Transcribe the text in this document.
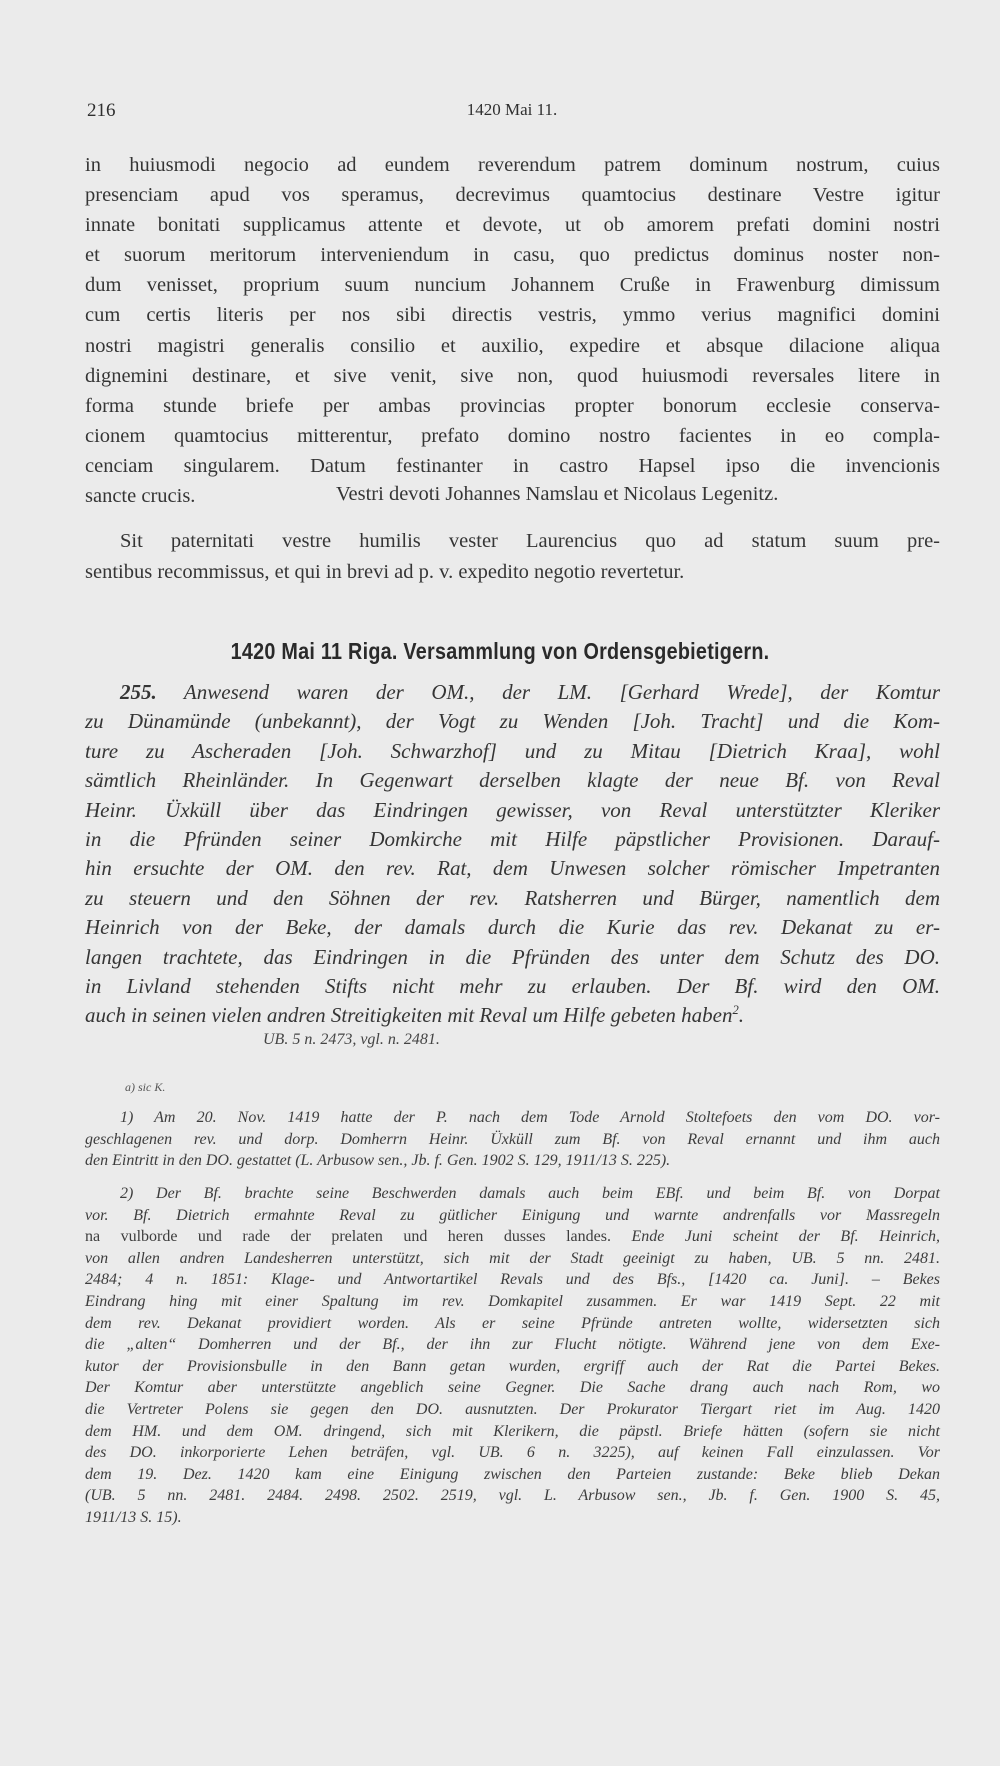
216	1420 Mai 11.
in huiusmodi negocio ad eundem reverendum patrem dominum nostrum, cuius
presenciam apud vos speramus, decrevimus quamtocius destinare Vestre igitur
innate bonitati supplicamus attente et devote, ut ob amorem prefati domini nostri
et suorum meritorum interveniendum in casu, quo predictus dominus noster non-
dum venisset, proprium suum nuncium Johannem Cruße in Frawenburg dimissum
cum certis literis per nos sibi directis vestris, ymmo verius magnifici domini
nostri magistri generalis consilio et auxilio, expedire et absque dilacione aliqua
dignemini destinare, et sive venit, sive non, quod huiusmodi reversales litere in
forma stunde briefe per ambas provincias propter bonorum ecclesie conserva-
cionem quamtocius mitterentur, prefato domino nostro facientes in eo compla-
cenciam singularem. Datum festinanter in castro Hapsel ipso die invencionis
sancte crucis.	Vestri devoti Johannes Namslau et Nicolaus Legenitz.
Sit paternitati vestre humilis vester Laurencius quo ad statum suum pre-
sentibus recommissus, et qui in brevi ad p. v. expedito negotio revertetur.
1420 Mai 11 Riga. Versammlung von Ordensgebietigern.
255. Anwesend waren der OM., der LM. [Gerhard Wrede], der Komtur
zu Dünamünde (unbekannt), der Vogt zu Wenden [Joh. Tracht] und die Kom-
ture zu Ascheraden [Joh. Schwarzhof] und zu Mitau [Dietrich Kraa], wohl
sämtlich Rheinländer. In Gegenwart derselben klagte der neue Bf. von Reval
Heinr. Üxküll über das Eindringen gewisser, von Reval unterstützter Kleriker
in die Pfründen seiner Domkirche mit Hilfe päpstlicher Provisionen. Darauf-
hin ersuchte der OM. den rev. Rat, dem Unwesen solcher römischer Impetranten
zu steuern und den Söhnen der rev. Ratsherren und Bürger, namentlich dem
Heinrich von der Beke, der damals durch die Kurie das rev. Dekanat zu er-
langen trachtete, das Eindringen in die Pfründen des unter dem Schutz des DO.
in Livland stehenden Stifts nicht mehr zu erlauben. Der Bf. wird den OM.
auch in seinen vielen andren Streitigkeiten mit Reval um Hilfe gebeten haben$^2$.
UB. 5 n. 2473, vgl. n. 2481.
a) sic K.
1) Am 20. Nov. 1419 hatte der P. nach dem Tode Arnold Stoltefoets den vom DO. vor-
geschlagenen rev. und dorp. Domherrn Heinr. Üxküll zum Bf. von Reval ernannt und ihm auch
den Eintritt in den DO. gestattet (L. Arbusow sen., Jb. f. Gen. 1902 S. 129, 1911/13 S. 225).
2) Der Bf. brachte seine Beschwerden damals auch beim EBf. und beim Bf. von Dorpat
vor. Bf. Dietrich ermahnte Reval zu gütlicher Einigung und warnte andrenfalls vor Massregeln
na vulborde und rade der prelaten und heren dusses landes. Ende Juni scheint der Bf. Heinrich,
von allen andren Landesherren unterstützt, sich mit der Stadt geeinigt zu haben, UB. 5 nn. 2481.
2484; 4 n. 1851: Klage- und Antwortartikel Revals und des Bfs., [1420 ca. Juni]. – Bekes
Eindrang hing mit einer Spaltung im rev. Domkapitel zusammen. Er war 1419 Sept. 22 mit
dem rev. Dekanat providiert worden. Als er seine Pfründe antreten wollte, widersetzten sich
die „alten“ Domherren und der Bf., der ihn zur Flucht nötigte. Während jene von dem Exe-
kutor der Provisionsbulle in den Bann getan wurden, ergriff auch der Rat die Partei Bekes.
Der Komtur aber unterstützte angeblich seine Gegner. Die Sache drang auch nach Rom, wo
die Vertreter Polens sie gegen den DO. ausnutzten. Der Prokurator Tiergart riet im Aug. 1420
dem HM. und dem OM. dringend, sich mit Klerikern, die päpstl. Briefe hätten (sofern sie nicht
des DO. inkorporierte Lehen beträfen, vgl. UB. 6 n. 3225), auf keinen Fall einzulassen. Vor
dem 19. Dez. 1420 kam eine Einigung zwischen den Parteien zustande: Beke blieb Dekan
(UB. 5 nn. 2481. 2484. 2498. 2502. 2519, vgl. L. Arbusow sen., Jb. f. Gen. 1900 S. 45,
1911/13 S. 15).
